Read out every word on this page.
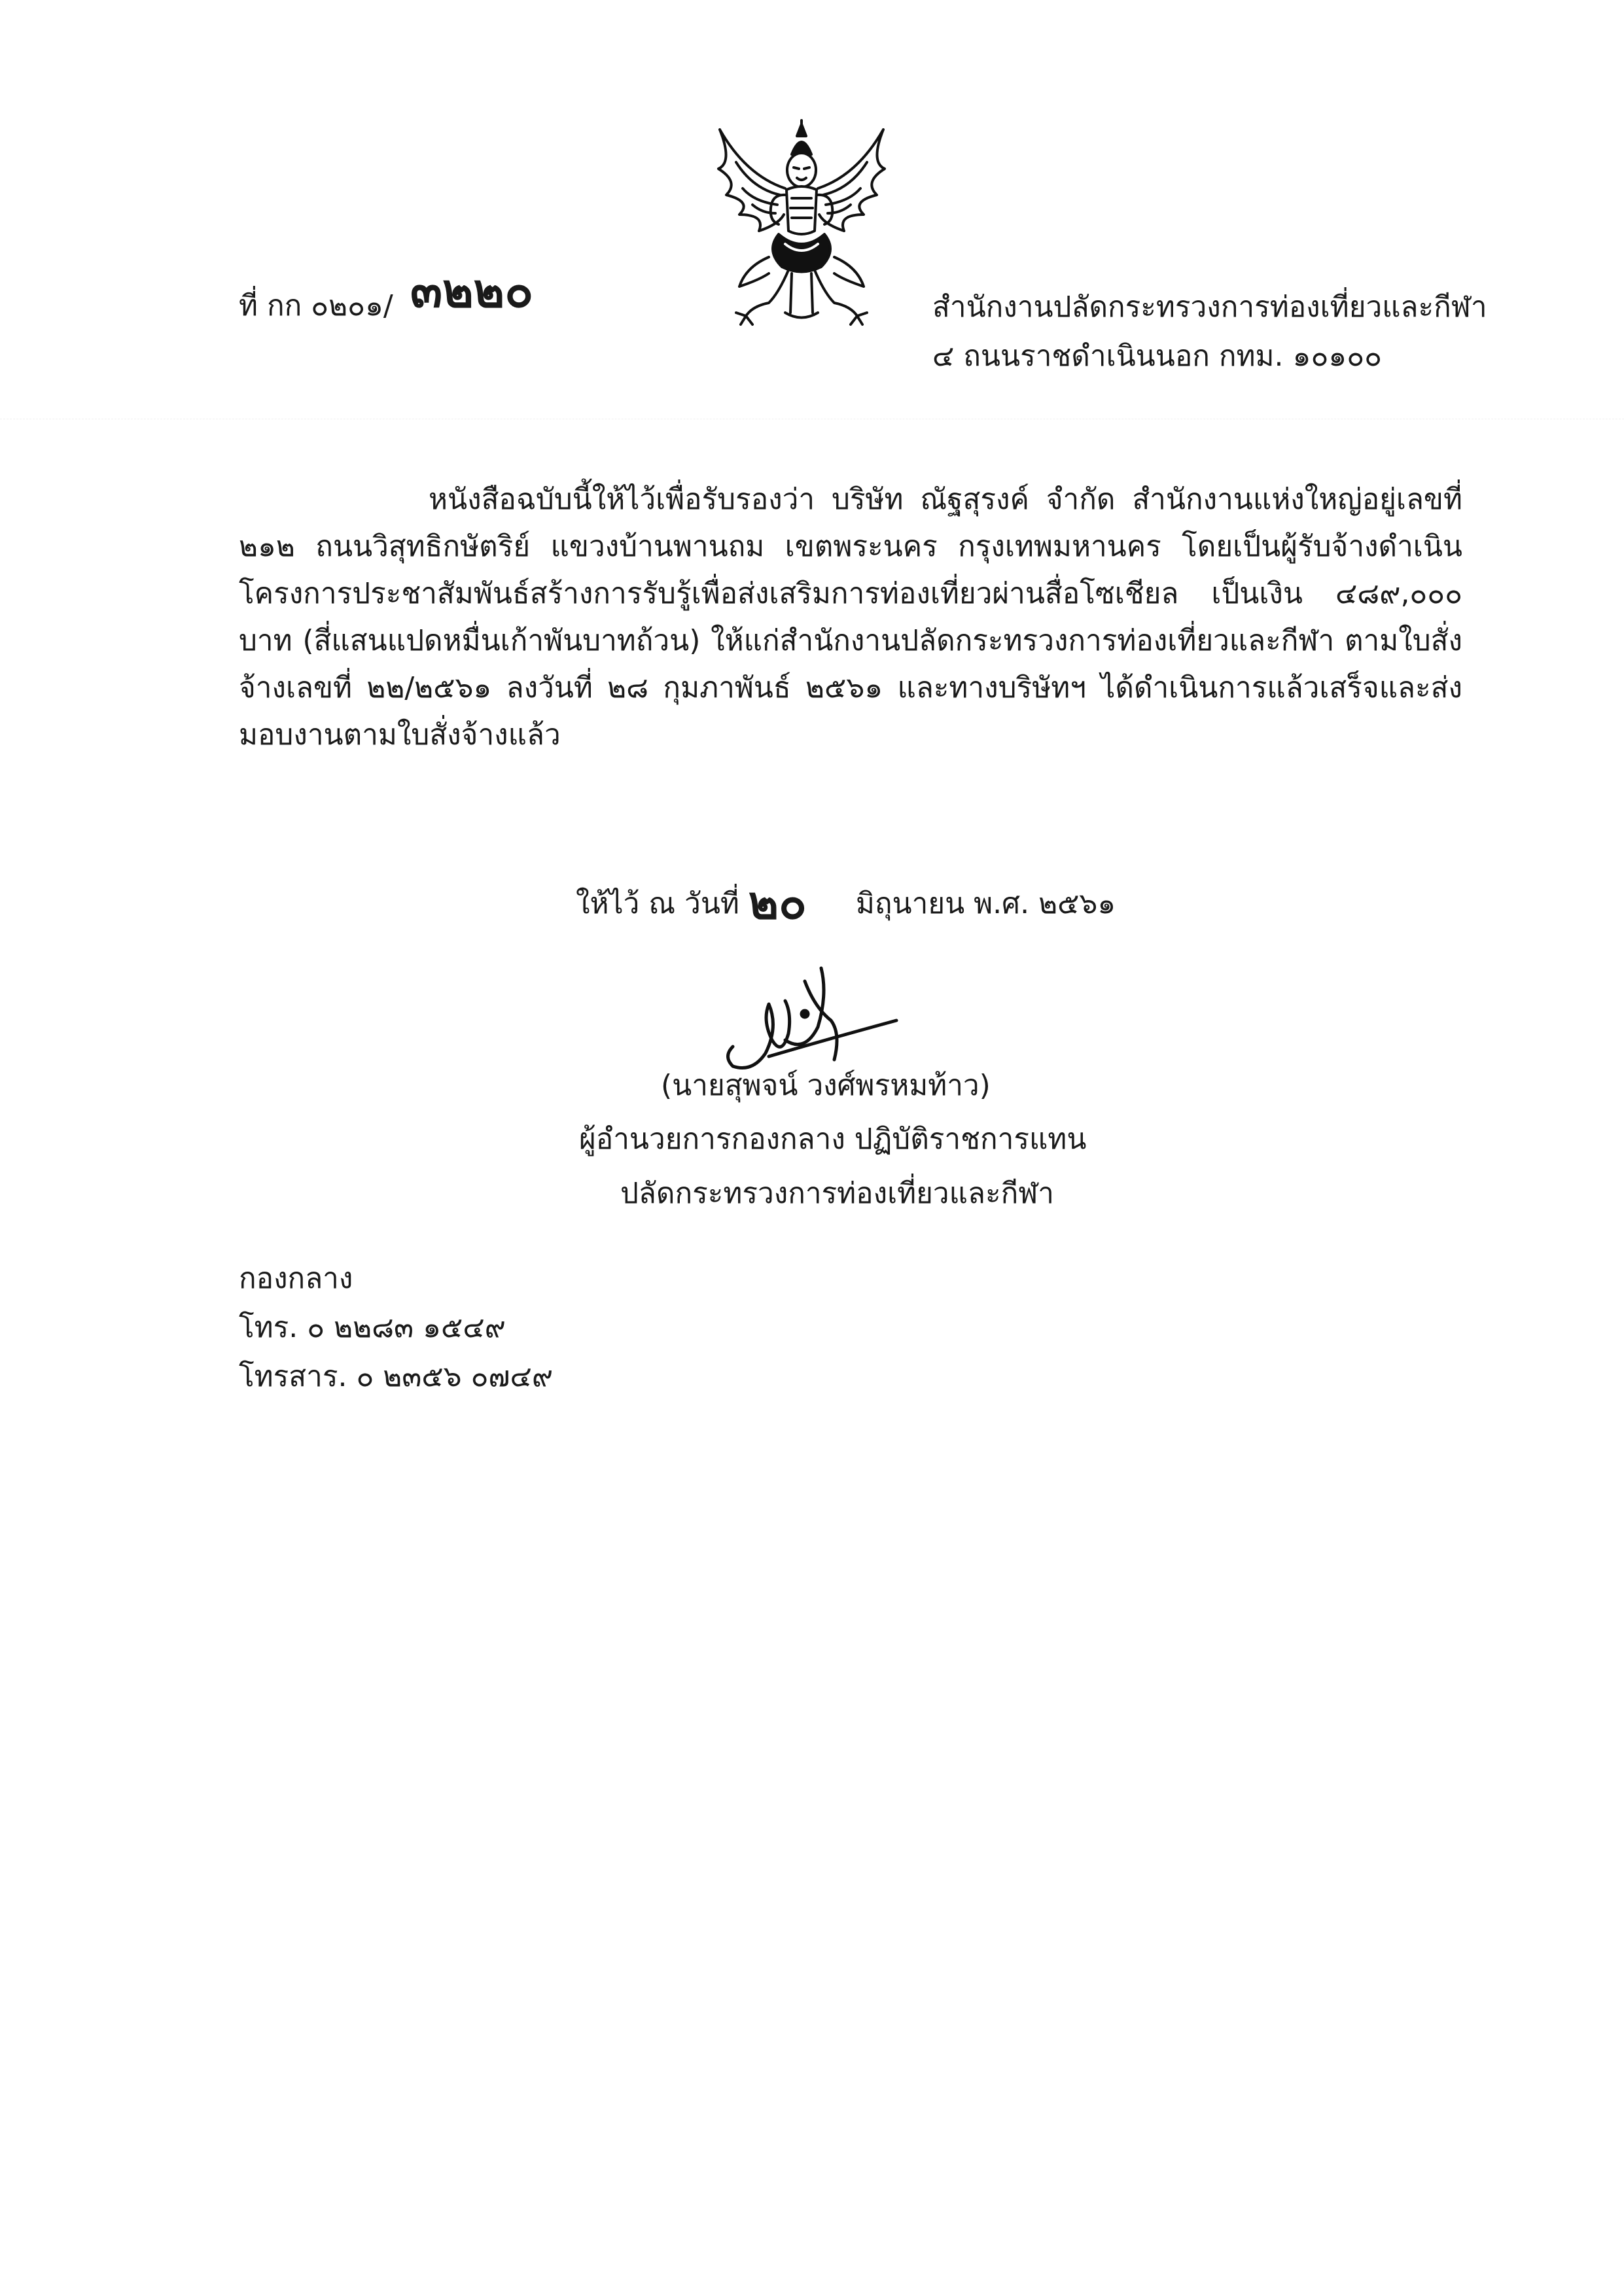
ที่ กก ๐๒๐๑/ ๓๒๒๐	สำนักงานปลัดกระทรวงการท่องเที่ยวและกีฬา
๔ ถนนราชดำเนินนอก กทม. ๑๐๑๐๐

หนังสือฉบับนี้ให้ไว้เพื่อรับรองว่า บริษัท ณัฐสุรงค์ จำกัด สำนักงานแห่งใหญ่อยู่เลขที่ ๒๑๒ ถนนวิสุทธิกษัตริย์ แขวงบ้านพานถม เขตพระนคร กรุงเทพมหานคร โดยเป็นผู้รับจ้างดำเนินโครงการประชาสัมพันธ์สร้างการรับรู้เพื่อส่งเสริมการท่องเที่ยวผ่านสื่อโซเชียล เป็นเงิน ๔๘๙,๐๐๐ บาท (สี่แสนแปดหมื่นเก้าพันบาทถ้วน) ให้แก่สำนักงานปลัดกระทรวงการท่องเที่ยวและกีฬา ตามใบสั่งจ้างเลขที่ ๒๒/๒๕๖๑ ลงวันที่ ๒๘ กุมภาพันธ์ ๒๕๖๑ และทางบริษัทฯ ได้ดำเนินการแล้วเสร็จและส่งมอบงานตามใบสั่งจ้างแล้ว

ให้ไว้ ณ วันที่ ๒๐ มิถุนายน พ.ศ. ๒๕๖๑
(นายสุพจน์ วงศ์พรหมท้าว)
ผู้อำนวยการกองกลาง ปฏิบัติราชการแทน
ปลัดกระทรวงการท่องเที่ยวและกีฬา
กองกลาง
โทร. ๐ ๒๒๘๓ ๑๕๔๙
โทรสาร. ๐ ๒๓๕๖ ๐๗๔๙
